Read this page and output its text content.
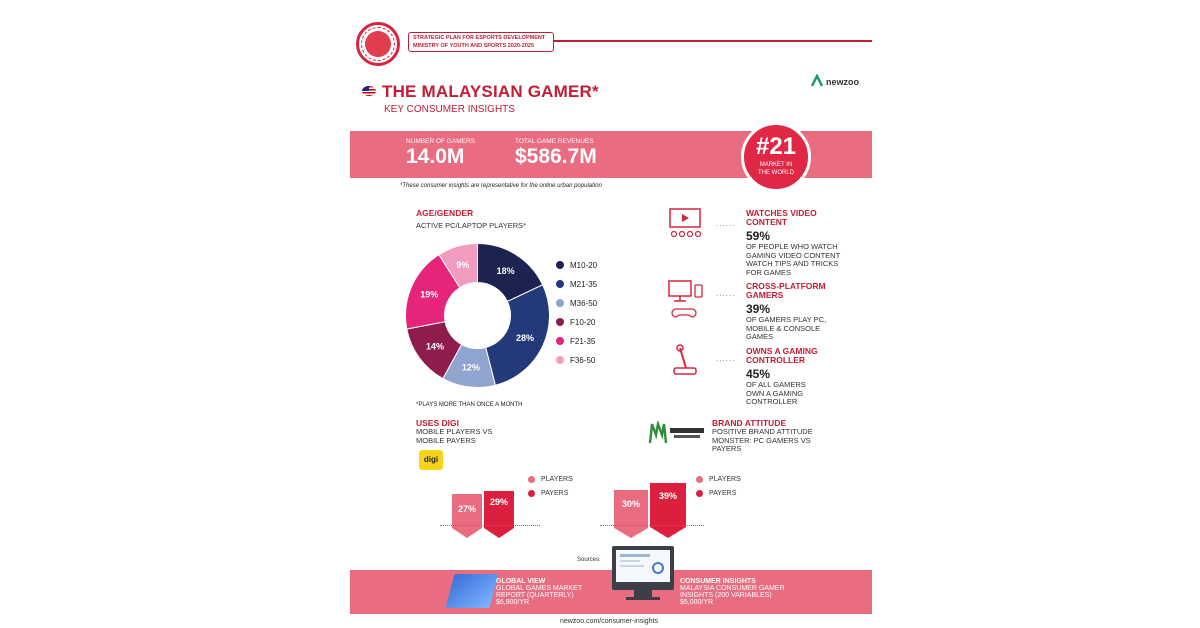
STRATEGIC PLAN FOR ESPORTS DEVELOPMENT
MINISTRY OF YOUTH AND SPORTS 2020-2025
THE MALAYSIAN GAMER*
KEY CONSUMER INSIGHTS
newzoo
NUMBER OF GAMERS
14.0M
TOTAL GAME REVENUES
$586.7M	#21
MARKET IN THE WORLD
*These consumer insights are representative for the online urban population
AGE/GENDER
ACTIVE PC/LAPTOP PLAYERS*
18%
28%
12%
14%
19%
9%	M10-20
M21-35
M36-50
F10-20
F21-35
F36-50
*PLAYS MORE THAN ONCE A MONTH
......
WATCHES VIDEO
CONTENT
59%
OF PEOPLE WHO WATCH
GAMING VIDEO CONTENT
WATCH TIPS AND TRICKS
FOR GAMES
......
CROSS-PLATFORM
GAMERS
39%
OF GAMERS PLAY PC,
MOBILE & CONSOLE
GAMES
......
OWNS A GAMING
CONTROLLER
45%
OF ALL GAMERS
OWN A GAMING
CONTROLLER
USES DIGI
MOBILE PLAYERS VS
MOBILE PAYERS
digi
PLAYERS
PAYERS
27%
29%
BRAND ATTITUDE
POSITIVE BRAND ATTITUDE
MONSTER: PC GAMERS VS
PAYERS
PLAYERS
PAYERS
30%
39%
Sources:
GLOBAL VIEW
GLOBAL GAMES MARKET
REPORT (QUARTERLY)
$6,900/YR
CONSUMER INSIGHTS
MALAYSIA CONSUMER GAMER
INSIGHTS (200 VARIABLES)
$5,000/YR
newzoo.com/consumer-insights
